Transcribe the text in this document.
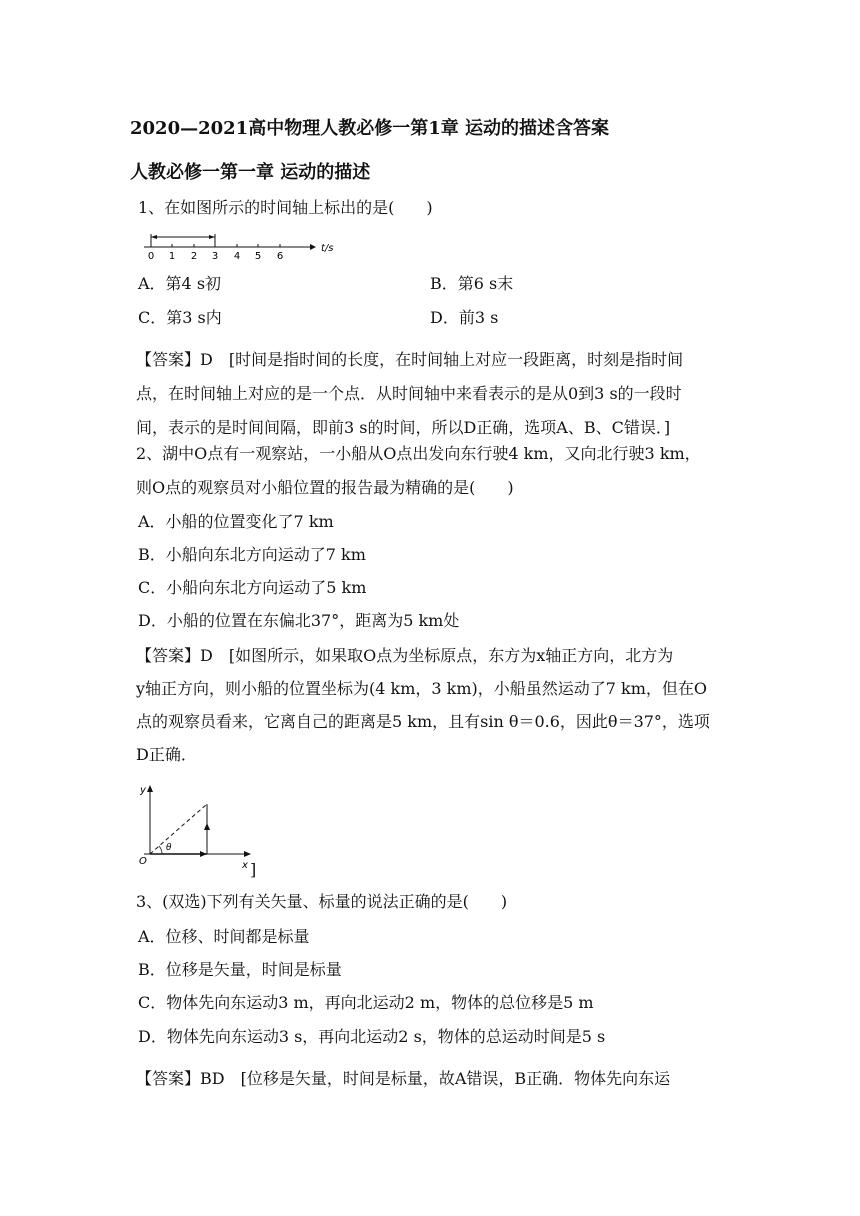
2020—2021高中物理人教必修一第1章 运动的描述含答案
人教必修一第一章 运动的描述
1、在如图所示的时间轴上标出的是(　　)
0 1 2 3 4 5 6
t/s
A．第4 s初	B．第6 s末
C．第3 s内	D．前3 s
【答案】D　[时间是指时间的长度，在时间轴上对应一段距离，时刻是指时间
点，在时间轴上对应的是一个点．从时间轴中来看表示的是从0到3 s的一段时
间，表示的是时间间隔，即前3 s的时间，所以D正确，选项A、B、C错误．]
2、湖中O点有一观察站，一小船从O点出发向东行驶4 km，又向北行驶3 km，
则O点的观察员对小船位置的报告最为精确的是(　　)
A．小船的位置变化了7 km
B．小船向东北方向运动了7 km
C．小船向东北方向运动了5 km
D．小船的位置在东偏北37°，距离为5 km处
【答案】D　[如图所示，如果取O点为坐标原点，东方为x轴正方向，北方为
y轴正方向，则小船的位置坐标为(4 km，3 km)，小船虽然运动了7 km，但在O
点的观察员看来，它离自己的距离是5 km，且有sin θ＝0.6，因此θ＝37°，选项
D正确．
y
x
O
θ
]
3、(双选)下列有关矢量、标量的说法正确的是(　　)
A．位移、时间都是标量
B．位移是矢量，时间是标量
C．物体先向东运动3 m，再向北运动2 m，物体的总位移是5 m
D．物体先向东运动3 s，再向北运动2 s，物体的总运动时间是5 s
【答案】BD　[位移是矢量，时间是标量，故A错误，B正确．物体先向东运
